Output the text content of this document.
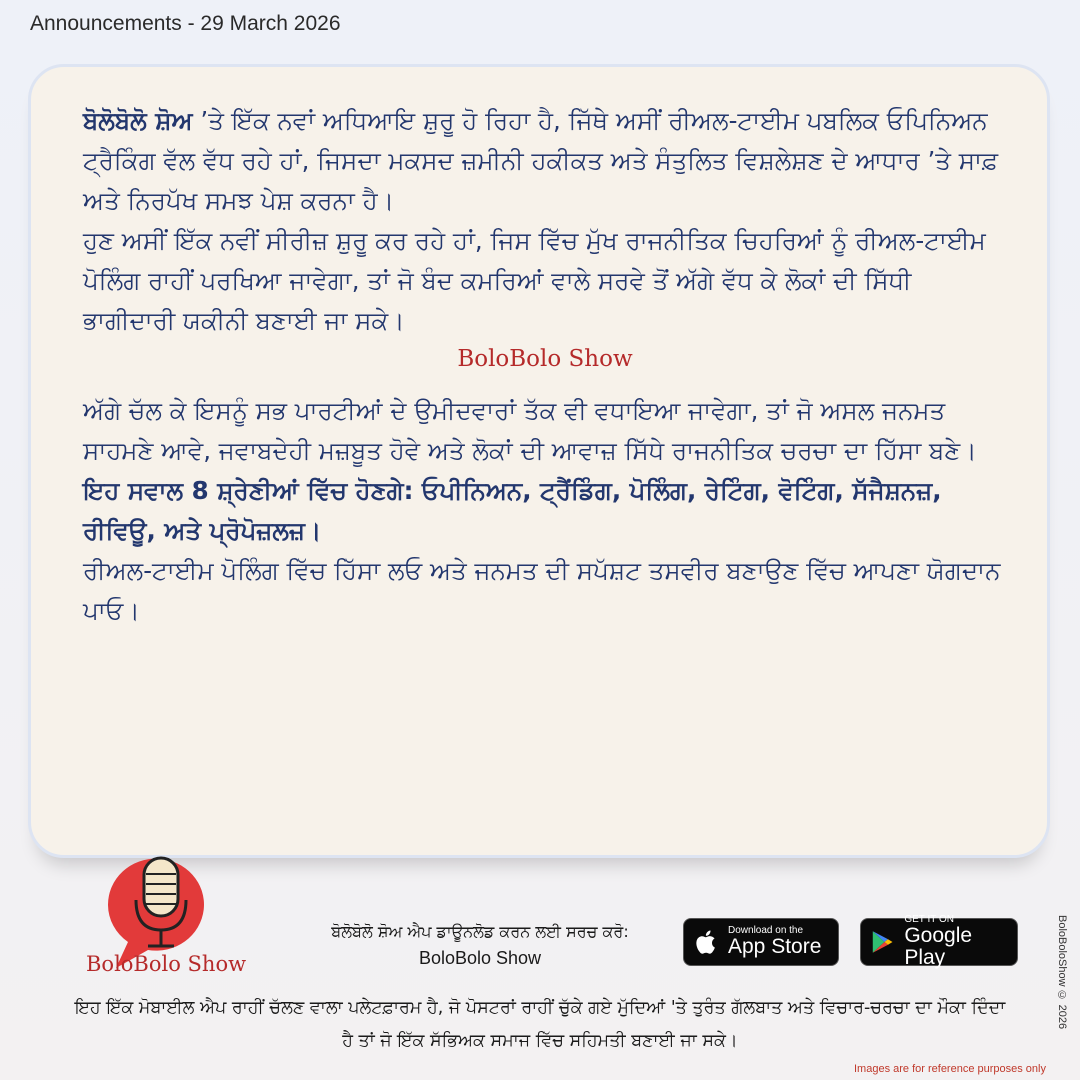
Announcements - 29 March 2026

ਬੋਲੋਬੋਲੋ ਸ਼ੋਅ ’ਤੇ ਇੱਕ ਨਵਾਂ ਅਧਿਆਇ ਸ਼ੁਰੂ ਹੋ ਰਿਹਾ ਹੈ, ਜਿੱਥੇ ਅਸੀਂ ਰੀਅਲ-ਟਾਈਮ ਪਬਲਿਕ ਓਪਿਨਿਅਨ ਟ੍ਰੈਕਿੰਗ ਵੱਲ ਵੱਧ ਰਹੇ ਹਾਂ, ਜਿਸਦਾ ਮਕਸਦ ਜ਼ਮੀਨੀ ਹਕੀਕਤ ਅਤੇ ਸੰਤੁਲਿਤ ਵਿਸ਼ਲੇਸ਼ਣ ਦੇ ਆਧਾਰ ’ਤੇ ਸਾਫ਼ ਅਤੇ ਨਿਰਪੱਖ ਸਮਝ ਪੇਸ਼ ਕਰਨਾ ਹੈ।

ਹੁਣ ਅਸੀਂ ਇੱਕ ਨਵੀਂ ਸੀਰੀਜ਼ ਸ਼ੁਰੂ ਕਰ ਰਹੇ ਹਾਂ, ਜਿਸ ਵਿੱਚ ਮੁੱਖ ਰਾਜਨੀਤਿਕ ਚਿਹਰਿਆਂ ਨੂੰ ਰੀਅਲ-ਟਾਈਮ ਪੋਲਿੰਗ ਰਾਹੀਂ ਪਰਖਿਆ ਜਾਵੇਗਾ, ਤਾਂ ਜੋ ਬੰਦ ਕਮਰਿਆਂ ਵਾਲੇ ਸਰਵੇ ਤੋਂ ਅੱਗੇ ਵੱਧ ਕੇ ਲੋਕਾਂ ਦੀ ਸਿੱਧੀ ਭਾਗੀਦਾਰੀ ਯਕੀਨੀ ਬਣਾਈ ਜਾ ਸਕੇ।

BoloBolo Show

ਅੱਗੇ ਚੱਲ ਕੇ ਇਸਨੂੰ ਸਭ ਪਾਰਟੀਆਂ ਦੇ ਉਮੀਦਵਾਰਾਂ ਤੱਕ ਵੀ ਵਧਾਇਆ ਜਾਵੇਗਾ, ਤਾਂ ਜੋ ਅਸਲ ਜਨਮਤ ਸਾਹਮਣੇ ਆਵੇ, ਜਵਾਬਦੇਹੀ ਮਜ਼ਬੂਤ ਹੋਵੇ ਅਤੇ ਲੋਕਾਂ ਦੀ ਆਵਾਜ਼ ਸਿੱਧੇ ਰਾਜਨੀਤਿਕ ਚਰਚਾ ਦਾ ਹਿੱਸਾ ਬਣੇ।

ਇਹ ਸਵਾਲ 8 ਸ਼੍ਰੇਣੀਆਂ ਵਿੱਚ ਹੋਣਗੇ: ਓਪੀਨਿਅਨ, ਟ੍ਰੈਂਡਿੰਗ, ਪੋਲਿੰਗ, ਰੇਟਿੰਗ, ਵੋਟਿੰਗ, ਸੱਜੈਸ਼ਨਜ਼, ਰੀਵਿਊ, ਅਤੇ ਪ੍ਰੋਪੋਜ਼ਲਜ਼।

ਰੀਅਲ-ਟਾਈਮ ਪੋਲਿੰਗ ਵਿੱਚ ਹਿੱਸਾ ਲਓ ਅਤੇ ਜਨਮਤ ਦੀ ਸਪੱਸ਼ਟ ਤਸਵੀਰ ਬਣਾਉਣ ਵਿੱਚ ਆਪਣਾ ਯੋਗਦਾਨ ਪਾਓ।

BoloBolo Show
ਬੋਲੋਬੋਲੋ ਸ਼ੋਅ ਐਪ ਡਾਊਨਲੋਡ ਕਰਨ ਲਈ ਸਰਚ ਕਰੋ:
BoloBolo Show
Download on the
App Store
GET IT ON
Google Play
ਇਹ ਇੱਕ ਮੋਬਾਈਲ ਐਪ ਰਾਹੀਂ ਚੱਲਣ ਵਾਲਾ ਪਲੇਟਫ਼ਾਰਮ ਹੈ, ਜੋ ਪੋਸਟਰਾਂ ਰਾਹੀਂ ਚੁੱਕੇ ਗਏ ਮੁੱਦਿਆਂ 'ਤੇ ਤੁਰੰਤ ਗੱਲਬਾਤ ਅਤੇ ਵਿਚਾਰ-ਚਰਚਾ ਦਾ ਮੌਕਾ ਦਿੰਦਾ ਹੈ ਤਾਂ ਜੋ ਇੱਕ ਸੱਭਿਅਕ ਸਮਾਜ ਵਿੱਚ ਸਹਿਮਤੀ ਬਣਾਈ ਜਾ ਸਕੇ।
BoloBoloShow © 2026
Images are for reference purposes only
